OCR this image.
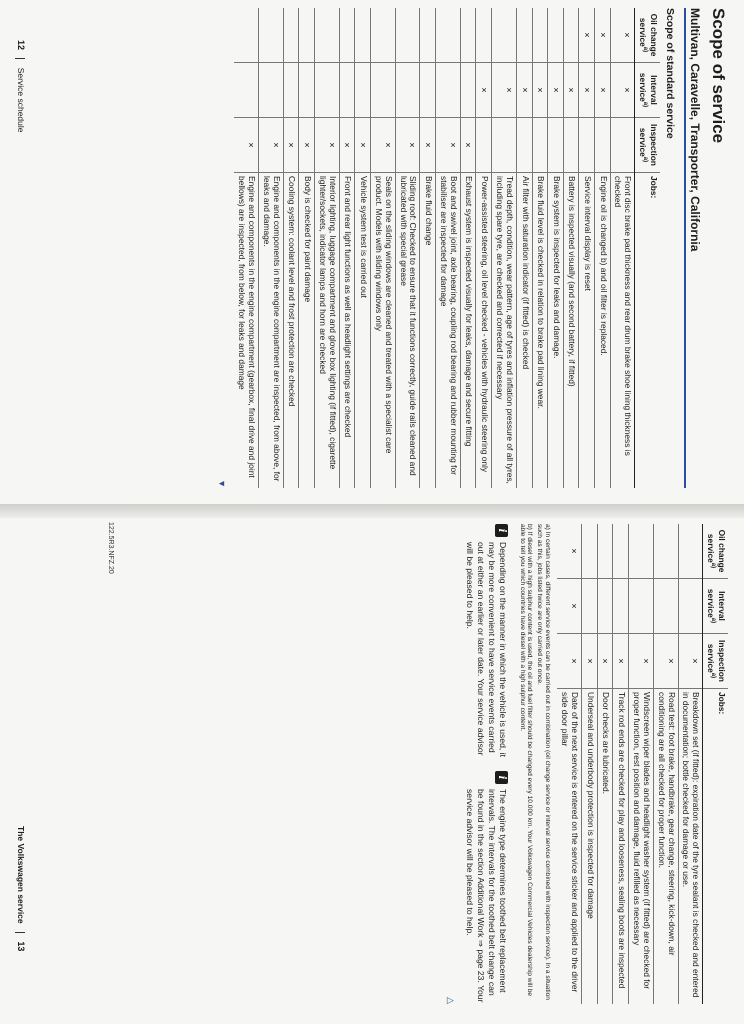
Scope of service
Multivan, Caravelle, Transporter, California
Scope of standard service
Oil change service$^{a)}$	Interval service$^{a)}$	Inspection service$^{a)}$	Jobs:
×	×		Front disc brake pad thickness and rear drum brake shoe lining thickness is checked
×	×		Engine oil is changed b) and oil filter is replaced.
×	×		Service interval display is reset
	×		Battery is inspected visually (and second battery, if fitted)
	×		Brake system is inspected for leaks and damage.
	×		Brake fluid level is checked in relation to brake pad lining wear.
	×		Air filter with saturation indicator (if fitted) is checked
	×		Tread depth, condition, wear pattern, age of tyres and inflation pressure of all tyres, including spare tyre, are checked and corrected if necessary
	×		Power-assisted steering, oil level checked - vehicles with hydraulic steering only
		×	Exhaust system is inspected visually for leaks, damage and secure fitting
		×	Boot and swivel joint, axle bearing, coupling rod bearing and rubber mounting for stabiliser are inspected for damage
		×	Brake fluid change
		×	Sliding roof: Checked to ensure that it functions correctly, guide rails cleaned and lubricated with special grease
		×	Seals on the sliding windows are cleaned and treated with a specialist care product. Models with sliding windows only
		×	Vehicle system test is carried out
		×	Front and rear light functions as well as headlight settings are checked
		×	Interior lighting, luggage compartment and glove box lighting (if fitted), cigarette lighter/sockets, indicator lamps and horn are checked
		×	Body is checked for paint damage
		×	Cooling system: coolant level and frost protection are checked
		×	Engine and components in the engine compartment are inspected, from above, for leaks and damage.
		×	Engine and components in the engine compartment (gearbox, final drive and joint bellows) are inspected, from below, for leaks and damage
▼
12  Service schedule
Oil change service$^{a)}$	Interval service$^{a)}$	Inspection service$^{a)}$	Jobs:
		×	Breakdown set (if fitted): expiration date of the tyre sealant is checked and entered in documentation; bottle checked for damage or use.
		×	Road test: foot brake, handbrake, gear change, steering, kick-down, air conditioning are all checked for proper function.
		×	Windscreen wiper blades and headlight washer system (if fitted) are checked for proper function, rest position and damage, fluid refilled as necessary
		×	Track rod ends are checked for play and looseness, sealing boots are inspected
		×	Door checks are lubricated.
		×	Underseal and underbody protection is inspected for damage
×	×	×	Date of the next service is entered on the service sticker and applied to the driver side door pillar

a) In certain cases, different service events can be carried out in combination (oil change service or interval service combined with inspection service). In a situation such as this, jobs listed twice are only carried out once.

b) If diesel with a high sulphur content is used, the oil and fuel filter should be changed every 10.000 km. Your Volkswagen Commercial Vehicles dealership will be able to tell you which countries have diesel with a high sulphur content.

i
Depending on the manner in which the vehicle is used, it may be more convenient to have service events carried out at either an earlier or later date. Your service advisor will be pleased to help.
i
The engine type determines toothed belt replacement intervals. The intervals for the toothed belt change can be found in the section Additional Work ⇒ page 23. Your service advisor will be pleased to help.
△
122.5R3.NFZ.20
The Volkswagen service  13
